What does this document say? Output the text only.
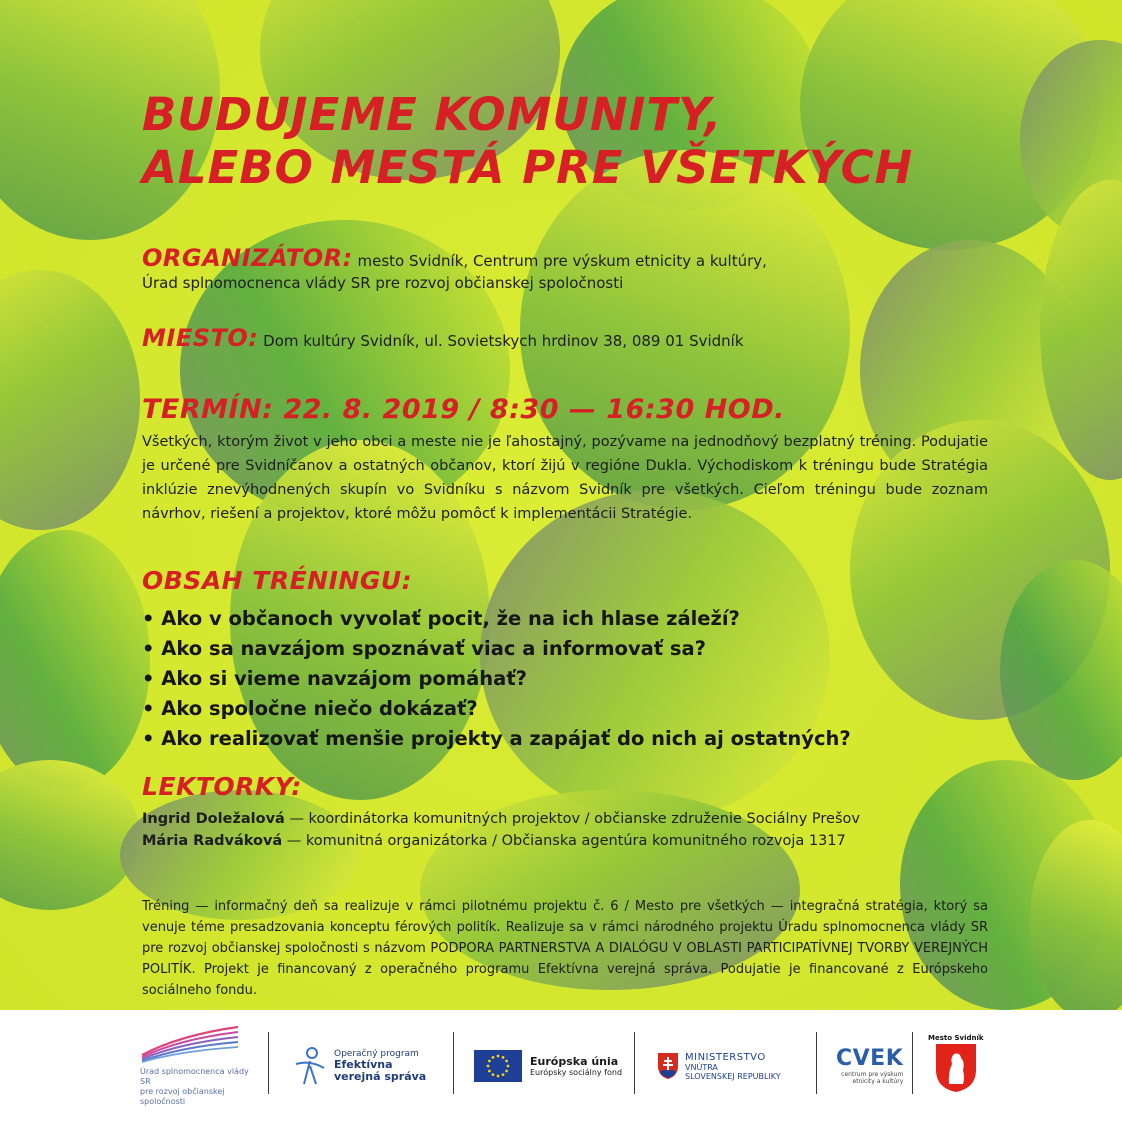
BUDUJEME KOMUNITY,
ALEBO MESTÁ PRE VŠETKÝCH
ORGANIZÁTOR: mesto Svidník, Centrum pre výskum etnicity a kultúry,
Úrad splnomocnenca vlády SR pre rozvoj občianskej spoločnosti
MIESTO: Dom kultúry Svidník, ul. Sovietskych hrdinov 38, 089 01 Svidník
TERMÍN: 22. 8. 2019 / 8:30 — 16:30 HOD.

Všetkých, ktorým život v jeho obci a meste nie je ľahostajný, pozývame na jednodňový bezplatný tréning. Podujatie je určené pre Svidníčanov a ostatných občanov, ktorí žijú v regióne Dukla. Východiskom k tréningu bude Stratégia inklúzie znevýhodnených skupín vo Svidníku s názvom Svidník pre všetkých. Cieľom tréningu bude zoznam návrhov, riešení a projektov, ktoré môžu pomôcť k implementácii Stratégie.

OBSAH TRÉNINGU:
• Ako v občanoch vyvolať pocit, že na ich hlase záleží?
• Ako sa navzájom spoznávať viac a informovať sa?
• Ako si vieme navzájom pomáhať?
• Ako spoločne niečo dokázať?
• Ako realizovať menšie projekty a zapájať do nich aj ostatných?
LEKTORKY:
Ingrid Doležalová — koordinátorka komunitných projektov / občianske združenie Sociálny Prešov
Mária Radváková — komunitná organizátorka / Občianska agentúra komunitného rozvoja 1317

Tréning — informačný deň sa realizuje v rámci pilotnému projektu č. 6 / Mesto pre všetkých — integračná stratégia, ktorý sa venuje téme presadzovania konceptu férových politík. Realizuje sa v rámci národného projektu Úradu splnomocnenca vlády SR pre rozvoj občianskej spoločnosti s názvom PODPORA PARTNERSTVA A DIALÓGU V OBLASTI PARTICIPATÍVNEJ TVORBY VEREJNÝCH POLITÍK. Projekt je financovaný z operačného programu Efektívna verejná správa. Podujatie je financované z Európskeho sociálneho fondu.

Úrad splnomocnenca vlády SR
pre rozvoj občianskej spoločnosti
Operačný program
Efektívna
verejná správa
Európska únia
Európsky sociálny fond
MINISTERSTVO
VNÚTRA
SLOVENSKEJ REPUBLIKY
CVEK
centrum pre výskum
etnicity a kultúry
Mesto Svidník
